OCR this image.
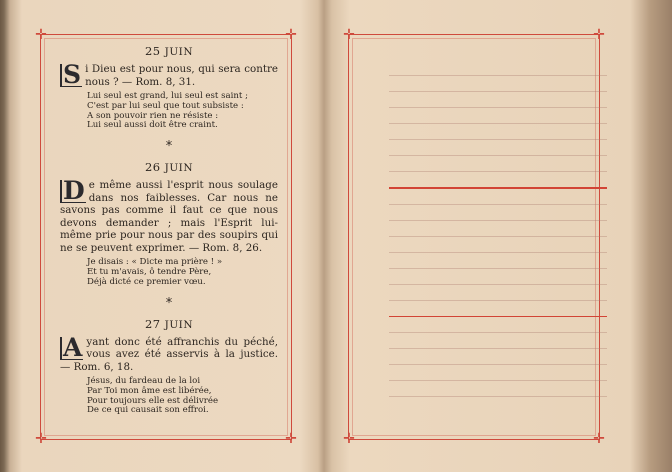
✛	✛
✛	✛
25 JUIN
S i Dieu est pour nous, qui sera contre nous ? — Rom. 8, 31.
Lui seul est grand, lui seul est saint ;
C'est par lui seul que tout subsiste :
A son pouvoir rien ne résiste :
Lui seul aussi doit être craint.
*
26 JUIN
D e même aussi l'esprit nous soulage dans nos faiblesses. Car nous ne savons pas comme il faut ce que nous devons demander ; mais l'Esprit lui-même prie pour nous par des soupirs qui ne se peuvent exprimer. — Rom. 8, 26.
Je disais : « Dicte ma prière ! »
Et tu m'avais, ô tendre Père,
Déjà dicté ce premier vœu.
*
27 JUIN
A yant donc été affranchis du péché, vous avez été asservis à la justice. — Rom. 6, 18.
Jésus, du fardeau de la loi
Par Toi mon âme est libérée,
Pour toujours elle est délivrée
De ce qui causait son effroi.
✛	✛
✛	✛
